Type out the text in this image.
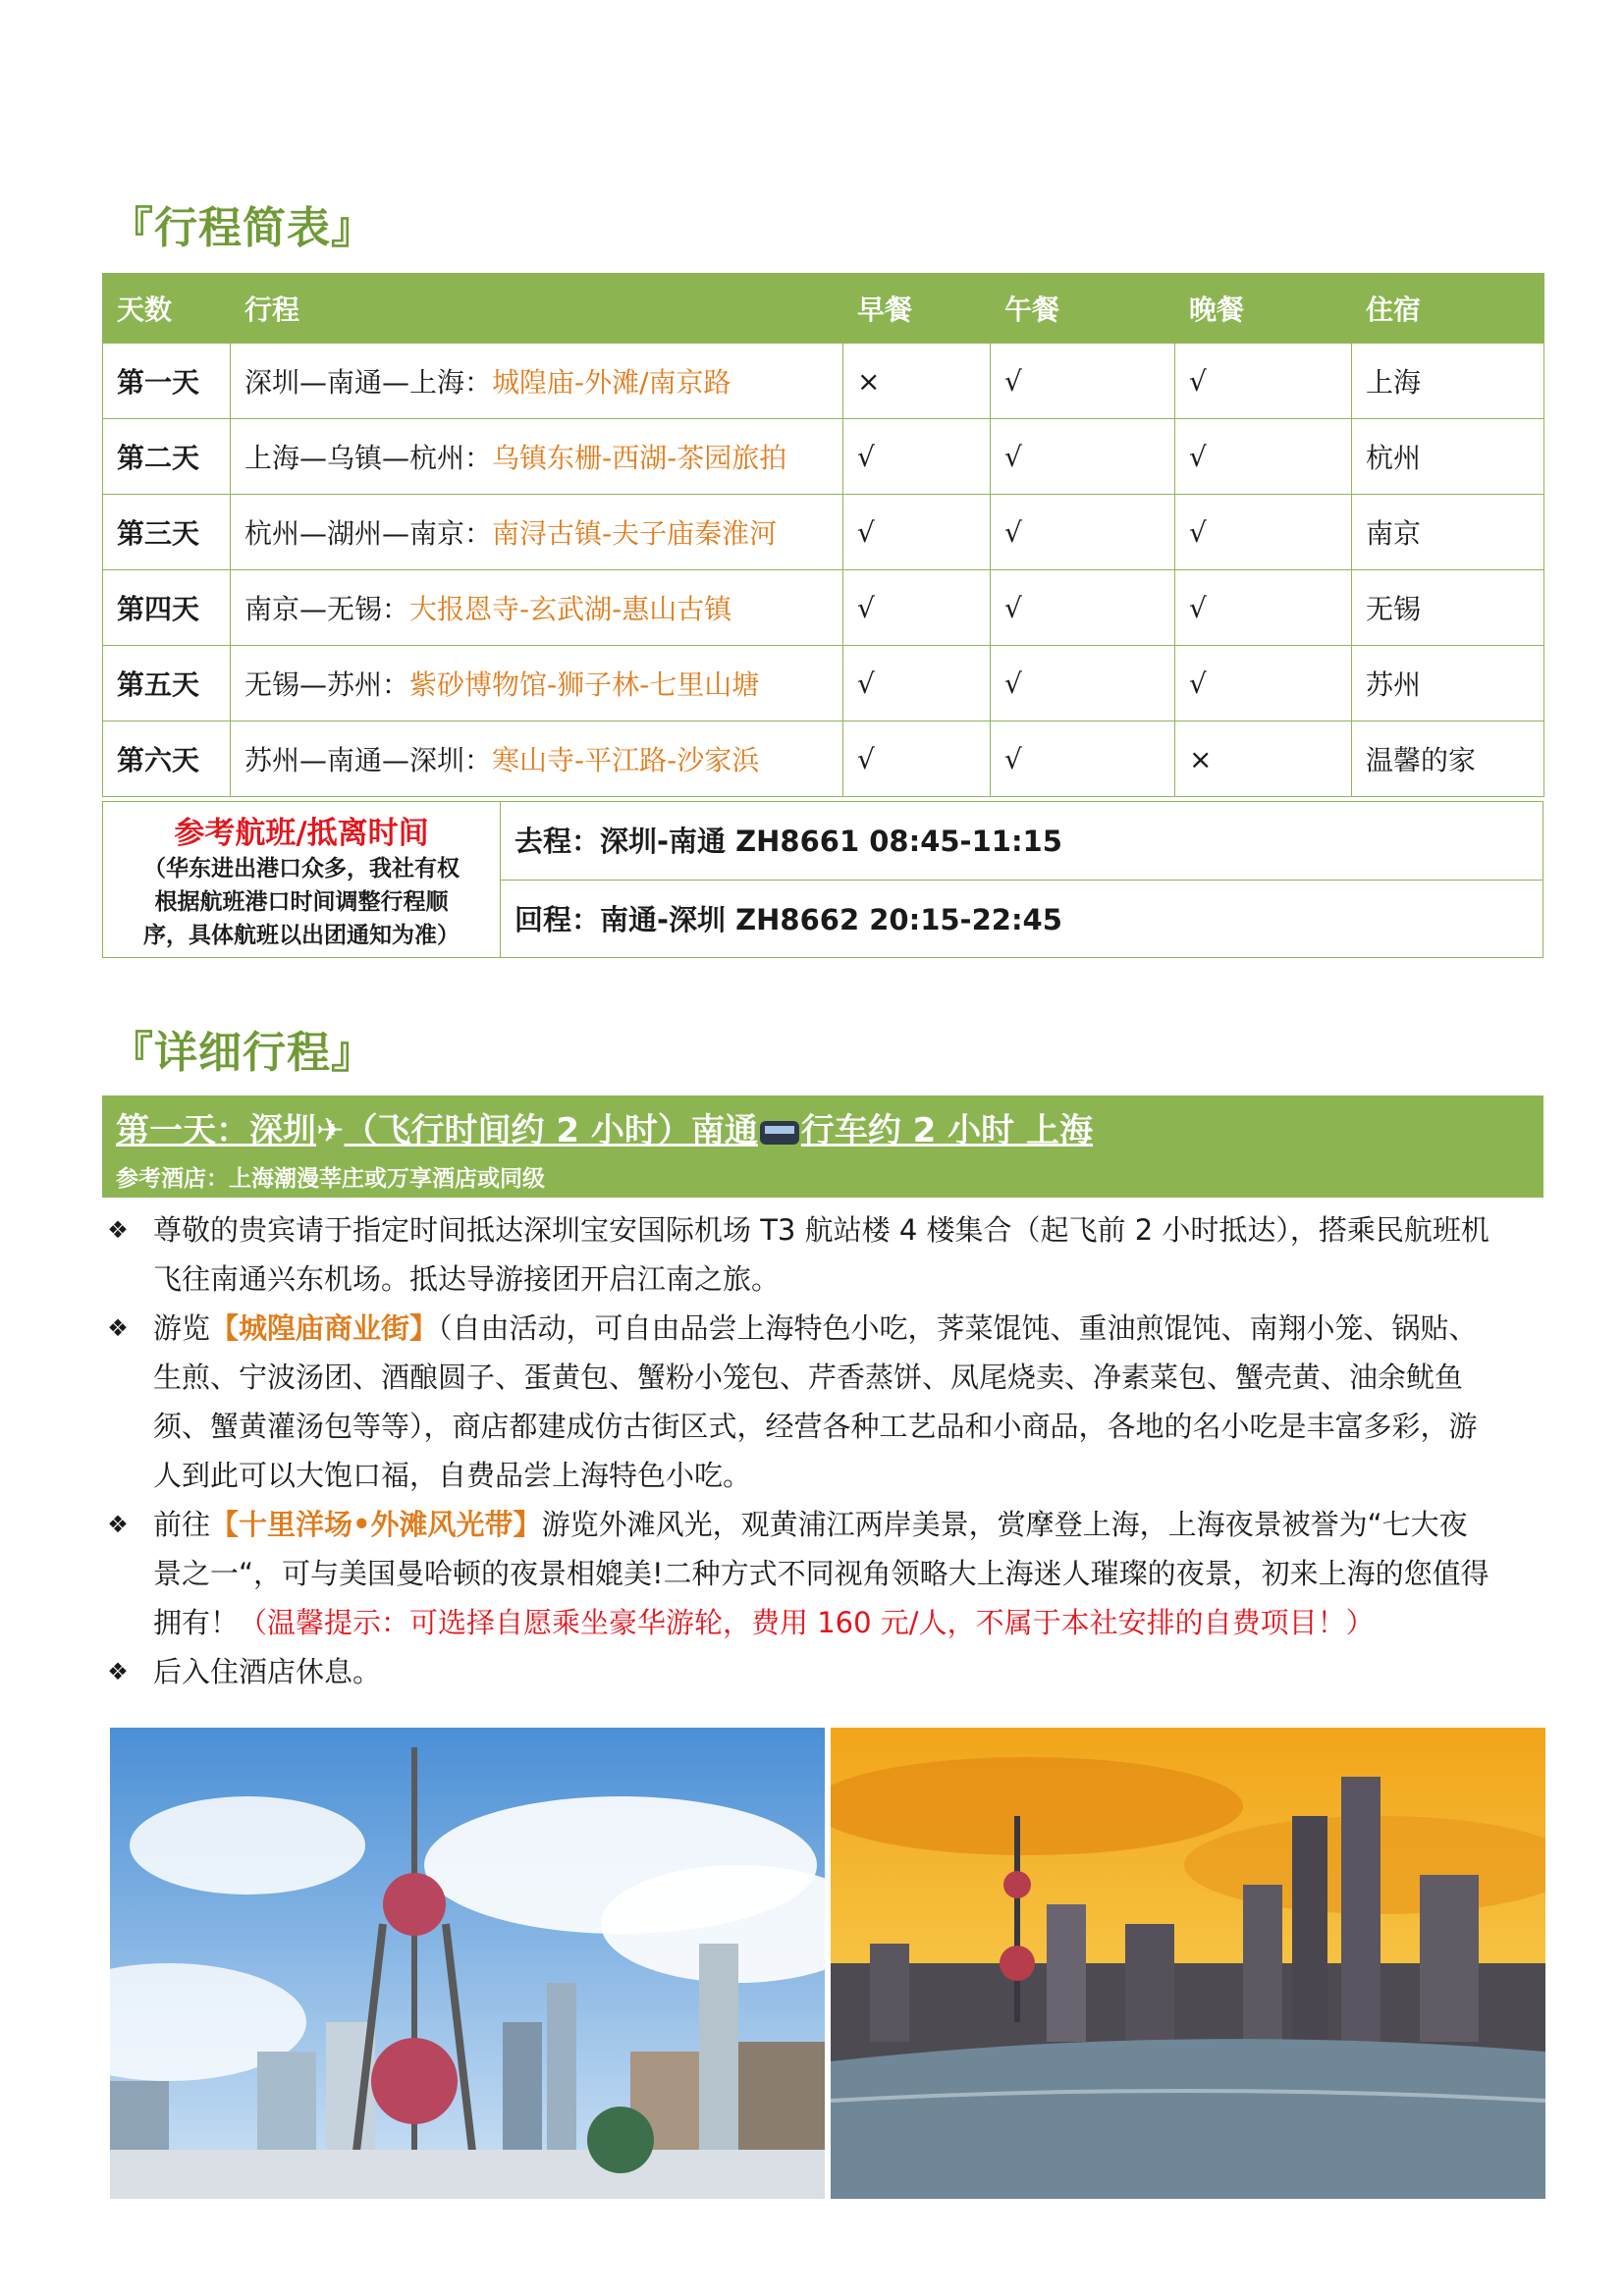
『行程简表』
天数	行程	早餐	午餐	晚餐	住宿
第一天	深圳—南通—上海：城隍庙-外滩/南京路	×	√	√	上海
第二天	上海—乌镇—杭州：乌镇东栅-西湖-茶园旅拍	√	√	√	杭州
第三天	杭州—湖州—南京：南浔古镇-夫子庙秦淮河	√	√	√	南京
第四天	南京—无锡：大报恩寺-玄武湖-惠山古镇	√	√	√	无锡
第五天	无锡—苏州：紫砂博物馆-狮子林-七里山塘	√	√	√	苏州
第六天	苏州—南通—深圳：寒山寺-平江路-沙家浜	√	√	×	温馨的家
参考航班/抵离时间
（华东进出港口众多，我社有权
根据航班港口时间调整行程顺
序，具体航班以出团通知为准）
去程：深圳-南通 ZH8661 08:45-11:15
回程：南通-深圳 ZH8662 20:15-22:45
『详细行程』
第一天：深圳✈（飞行时间约 2 小时）南通 行车约 2 小时 上海
参考酒店：上海潮漫莘庄或万享酒店或同级
❖ 尊敬的贵宾请于指定时间抵达深圳宝安国际机场 T3 航站楼 4 楼集合（起飞前 2 小时抵达），搭乘民航班机飞往南通兴东机场。抵达导游接团开启江南之旅。
❖ 游览【城隍庙商业街】（自由活动，可自由品尝上海特色小吃，荠菜馄饨、重油煎馄饨、南翔小笼、锅贴、生煎、宁波汤团、酒酿圆子、蛋黄包、蟹粉小笼包、芹香蒸饼、凤尾烧卖、净素菜包、蟹壳黄、油余鱿鱼须、蟹黄灌汤包等等），商店都建成仿古街区式，经营各种工艺品和小商品，各地的名小吃是丰富多彩，游人到此可以大饱口福，自费品尝上海特色小吃。
❖ 前往【十里洋场•外滩风光带】游览外滩风光，观黄浦江两岸美景，赏摩登上海，上海夜景被誉为“七大夜景之一“，可与美国曼哈顿的夜景相媲美!二种方式不同视角领略大上海迷人璀璨的夜景，初来上海的您值得拥有！（温馨提示：可选择自愿乘坐豪华游轮，费用 160 元/人，不属于本社安排的自费项目！）
❖ 后入住酒店休息。
